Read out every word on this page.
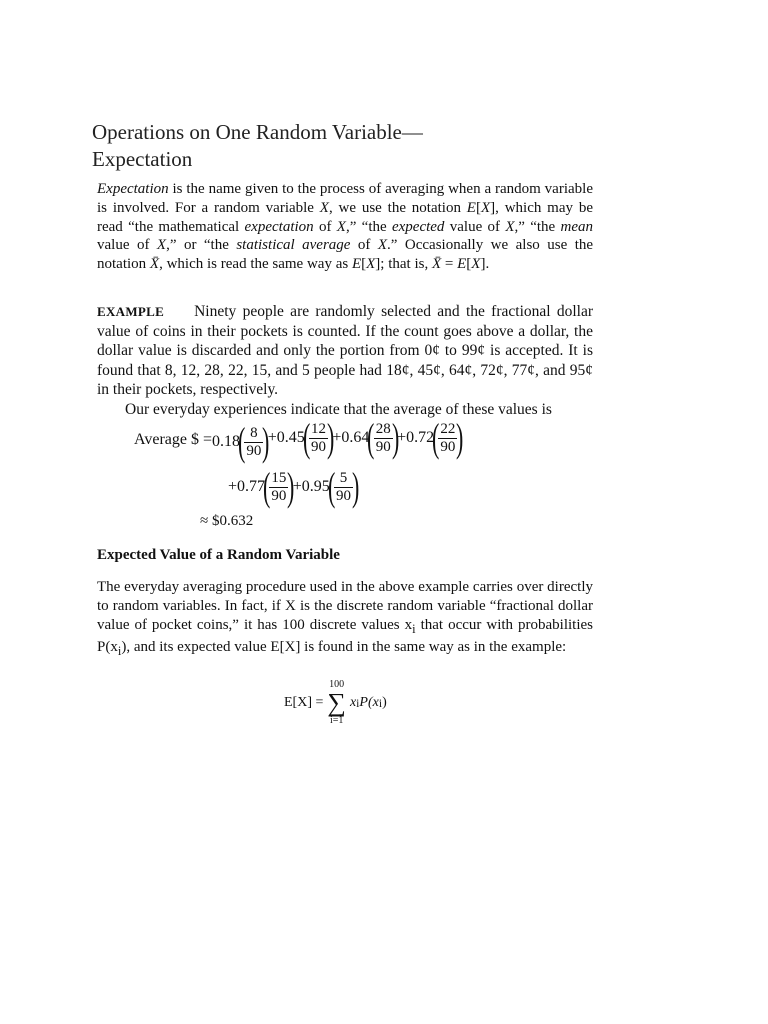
Operations on One Random Variable—
Expectation

Expectation is the name given to the process of averaging when a random variable is involved. For a random variable X, we use the notation E[X], which may be read “the mathematical expectation of X,” “the expected value of X,” “the mean value of X,” or “the statistical average of X.” Occasionally we also use the notation X̄, which is read the same way as E[X]; that is, X̄ = E[X].

EXAMPLE Ninety people are randomly selected and the fractional dollar value of coins in their pockets is counted. If the count goes above a dollar, the dollar value is discarded and only the portion from 0¢ to 99¢ is accepted. It is found that 8, 12, 28, 22, 15, and 5 people had 18¢, 45¢, 64¢, 72¢, 77¢, and 95¢ in their pockets, respectively.
Our everyday experiences indicate that the average of these values is

Average $ = 0.18
(
$\frac{8}{90}$
)
+ 0.45
(
$\frac{12}{90}$
)
+ 0.64
(
$\frac{28}{90}$
)
+ 0.72
(
$\frac{22}{90}$
)
+ 0.77
(
$\frac{15}{90}$
)
+ 0.95
(
$\frac{5}{90}$
)
≈ $0.632
Expected Value of a Random Variable

The everyday averaging procedure used in the above example carries over directly to random variables. In fact, if X is the discrete random variable “fractional dollar value of pocket coins,” it has 100 discrete values $x_i$ that occur with probabilities $P(x_i)$, and its expected value E[X] is found in the same way as in the example:

E[X] =
100
∑
i=1
x i P(x i )
